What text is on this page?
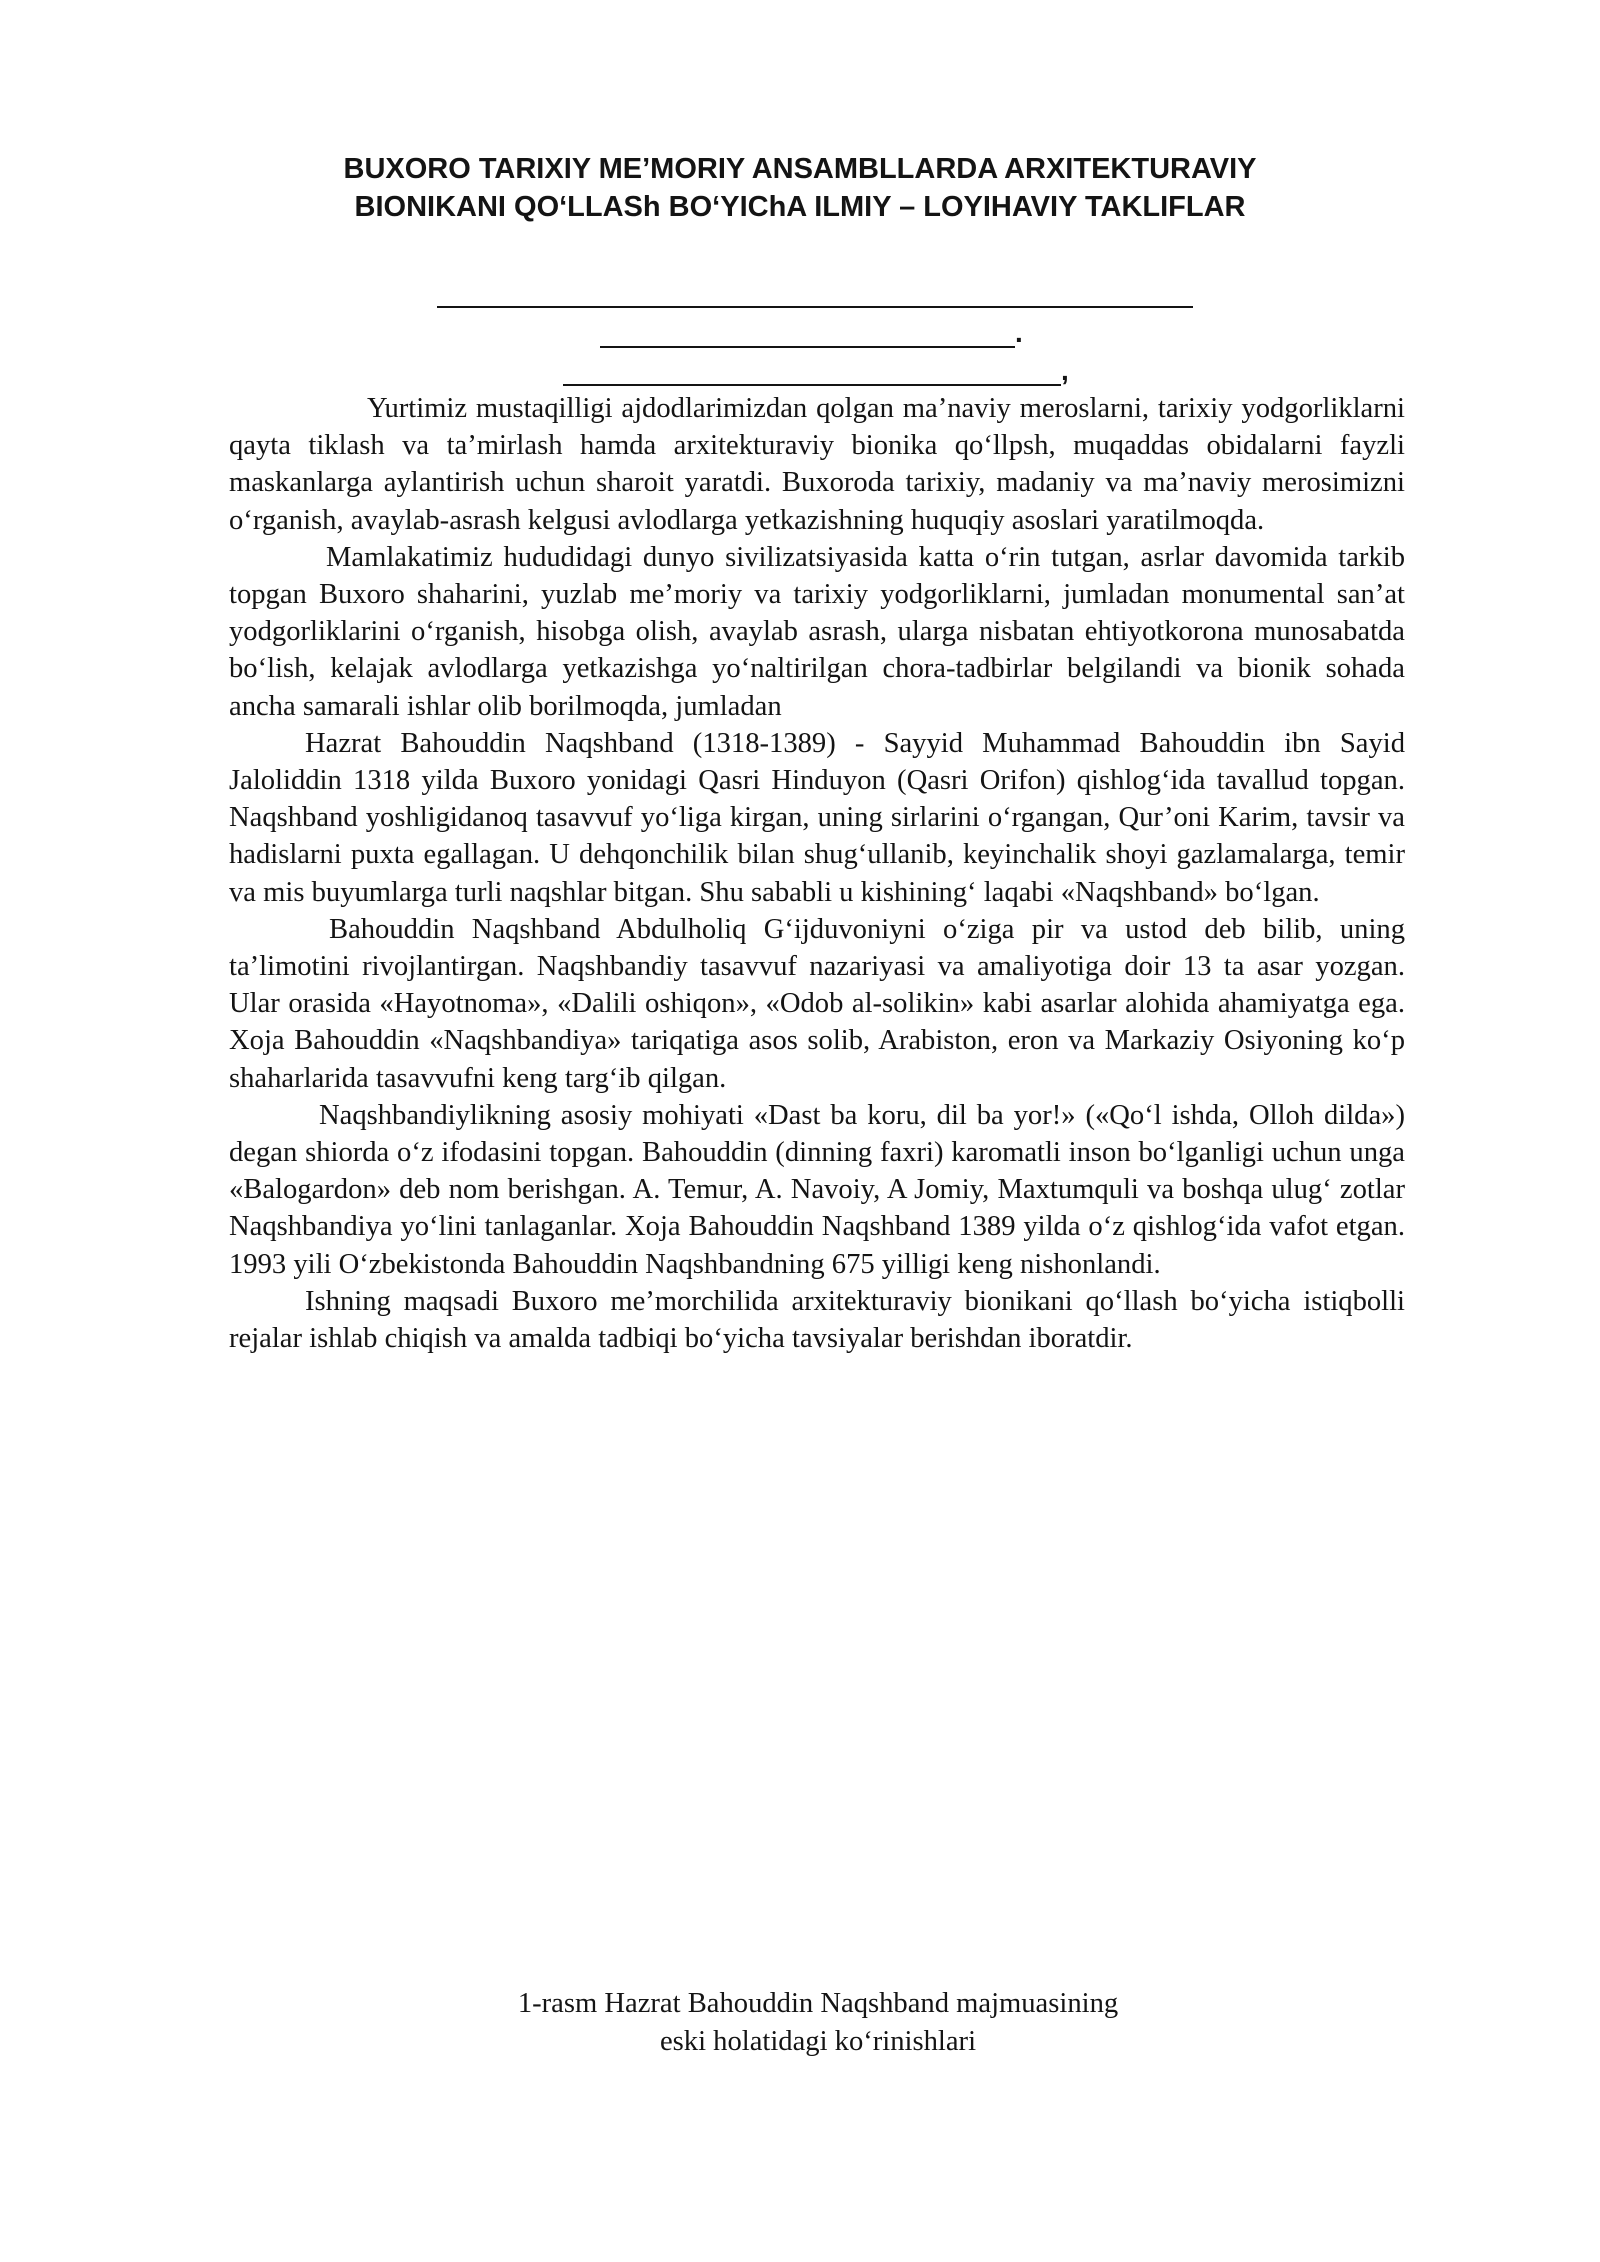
BUXORO TARIXIY ME’MORIY ANSAMBLLARDA ARXITEKTURAVIY
BIONIKANI QO‘LLASh BO‘YIChA ILMIY – LOYIHAVIY TAKLIFLAR
.
,

Yurtimiz mustaqilligi ajdodlarimizdan qolgan ma’naviy meroslarni, tarixiy yodgorliklarni qayta tiklash va ta’mirlash hamda arxitekturaviy bionika qo‘llpsh, muqaddas obidalarni fayzli maskanlarga aylantirish uchun sharoit yaratdi. Buxoroda tarixiy, madaniy va ma’naviy merosimizni o‘rganish, avaylab-asrash kelgusi avlodlarga yetkazishning huquqiy asoslari yaratilmoqda.

Mamlakatimiz hududidagi dunyo sivilizatsiyasida katta o‘rin tutgan, asrlar davomida tarkib topgan Buxoro shaharini, yuzlab me’moriy va tarixiy yodgorliklarni, jumladan monumental san’at yodgorliklarini o‘rganish, hisobga olish, avaylab asrash, ularga nisbatan ehtiyotkorona munosabatda bo‘lish, kelajak avlodlarga yetkazishga yo‘naltirilgan chora-tadbirlar belgilandi va bionik sohada ancha samarali ishlar olib borilmoqda, jumladan

Hazrat Bahouddin Naqshband (1318-1389) - Sayyid Muhammad Bahouddin ibn Sayid Jaloliddin 1318 yilda Buxoro yonidagi Qasri Hinduyon (Qasri Orifon) qishlog‘ida tavallud topgan. Naqshband yoshligidanoq tasavvuf yo‘liga kirgan, uning sirlarini o‘rgangan, Qur’oni Karim, tavsir va hadislarni puxta egallagan. U dehqonchilik bilan shug‘ullanib, keyinchalik shoyi gazlamalarga, temir va mis buyumlarga turli naqshlar bitgan. Shu sababli u kishining‘ laqabi «Naqshband» bo‘lgan.

Bahouddin Naqshband Abdulholiq G‘ijduvoniyni o‘ziga pir va ustod deb bilib, uning ta’limotini rivojlantirgan. Naqshbandiy tasavvuf nazariyasi va amaliyotiga doir 13 ta asar yozgan. Ular orasida «Hayotnoma», «Dalili oshiqon», «Odob al-solikin» kabi asarlar alohida ahamiyatga ega. Xoja Bahouddin «Naqshbandiya» tariqatiga asos solib, Arabiston, eron va Markaziy Osiyoning ko‘p shaharlarida tasavvufni keng targ‘ib qilgan.

Naqshbandiylikning asosiy mohiyati «Dast ba koru, dil ba yor!» («Qo‘l ishda, Olloh dilda») degan shiorda o‘z ifodasini topgan. Bahouddin (dinning faxri) karomatli inson bo‘lganligi uchun unga «Balogardon» deb nom berishgan. A. Temur, A. Navoiy, A Jomiy, Maxtumquli va boshqa ulug‘ zotlar Naqshbandiya yo‘lini tanlaganlar. Xoja Bahouddin Naqshband 1389 yilda o‘z qishlog‘ida vafot etgan. 1993 yili O‘zbekistonda Bahouddin Naqshbandning 675 yilligi keng nishonlandi.

Ishning maqsadi Buxoro me’morchilida arxitekturaviy bionikani qo‘llash bo‘yicha istiqbolli rejalar ishlab chiqish va amalda tadbiqi bo‘yicha tavsiyalar berishdan iboratdir.

1-rasm Hazrat Bahouddin Naqshband majmuasining
eski holatidagi ko‘rinishlari
